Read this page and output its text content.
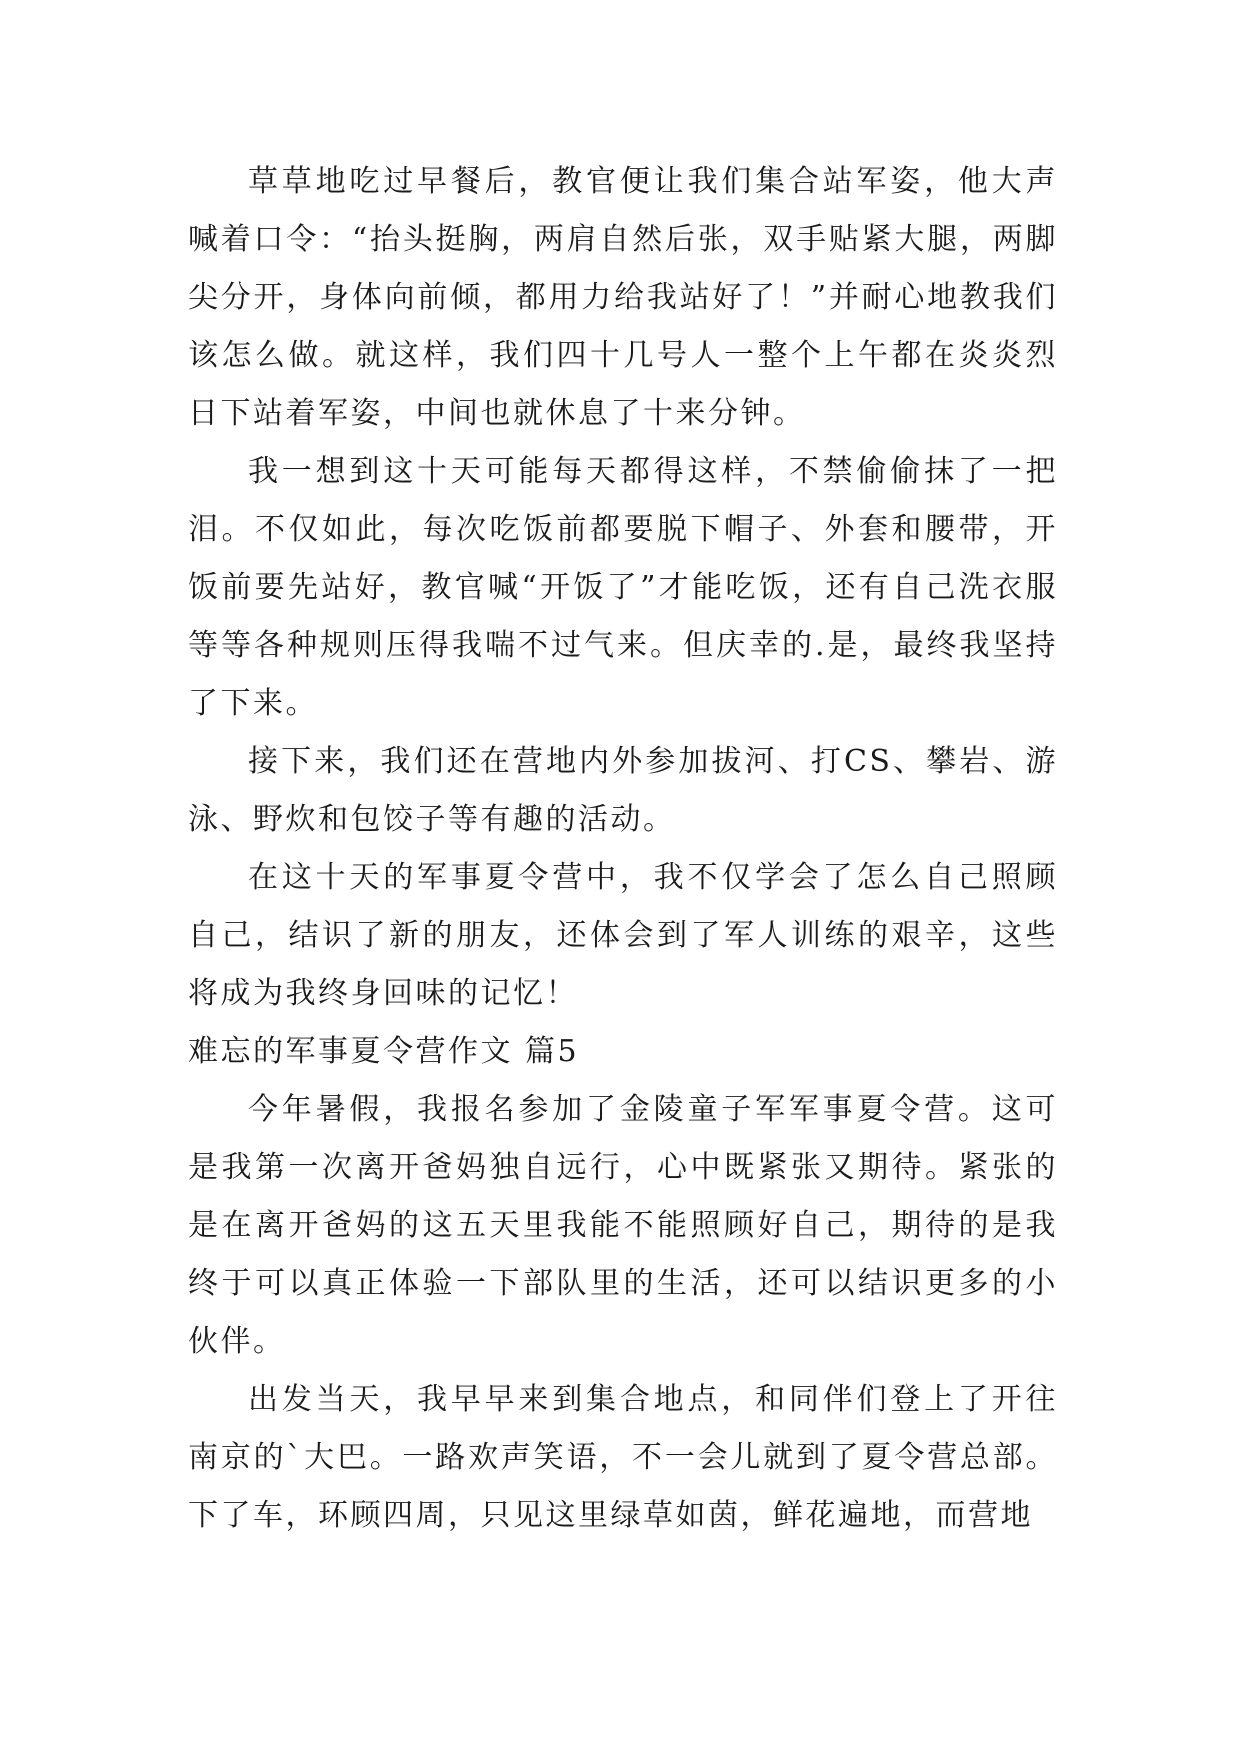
草草地吃过早餐后，教官便让我们集合站军姿，他大声喊着口令：“抬头挺胸，两肩自然后张，双手贴紧大腿，两脚尖分开，身体向前倾，都用力给我站好了！”并耐心地教我们该怎么做。就这样，我们四十几号人一整个上午都在炎炎烈日下站着军姿，中间也就休息了十来分钟。

我一想到这十天可能每天都得这样，不禁偷偷抹了一把泪。不仅如此，每次吃饭前都要脱下帽子、外套和腰带，开饭前要先站好，教官喊“开饭了”才能吃饭，还有自己洗衣服等等各种规则压得我喘不过气来。但庆幸的.是，最终我坚持了下来。

接下来，我们还在营地内外参加拔河、打CS、攀岩、游泳、野炊和包饺子等有趣的活动。

在这十天的军事夏令营中，我不仅学会了怎么自己照顾自己，结识了新的朋友，还体会到了军人训练的艰辛，这些将成为我终身回味的记忆！

难忘的军事夏令营作文 篇5

今年暑假，我报名参加了金陵童子军军事夏令营。这可是我第一次离开爸妈独自远行，心中既紧张又期待。紧张的是在离开爸妈的这五天里我能不能照顾好自己，期待的是我终于可以真正体验一下部队里的生活，还可以结识更多的小伙伴。

出发当天，我早早来到集合地点，和同伴们登上了开往南京的`大巴。一路欢声笑语，不一会儿就到了夏令营总部。下了车，环顾四周，只见这里绿草如茵，鲜花遍地，而营地
